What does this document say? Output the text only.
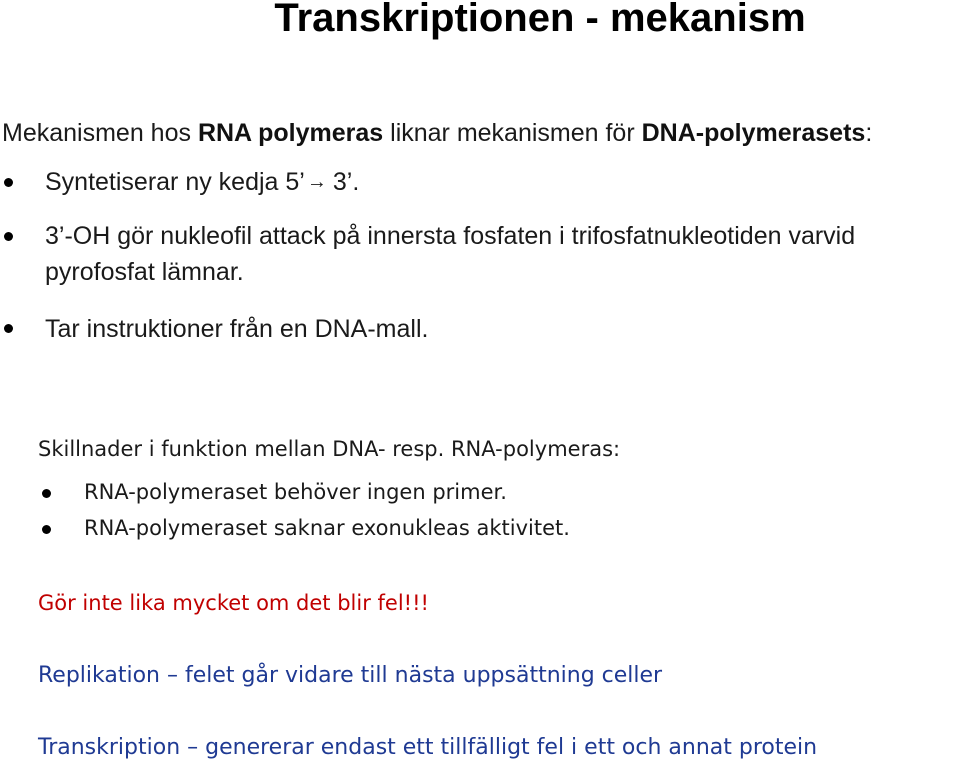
Transkriptionen - mekanism
Mekanismen hos RNA polymeras liknar mekanismen för DNA-polymerasets:
Syntetiserar ny kedja 5’ → 3’.
3’-OH gör nukleofil attack på innersta fosfaten i trifosfatnukleotiden varvid
pyrofosfat lämnar.
Tar instruktioner från en DNA-mall.
Skillnader i funktion mellan DNA- resp. RNA-polymeras:
RNA-polymeraset behöver ingen primer.
RNA-polymeraset saknar exonukleas aktivitet.
Gör inte lika mycket om det blir fel!!!
Replikation – felet går vidare till nästa uppsättning celler
Transkription – genererar endast ett tillfälligt fel i ett och annat protein
